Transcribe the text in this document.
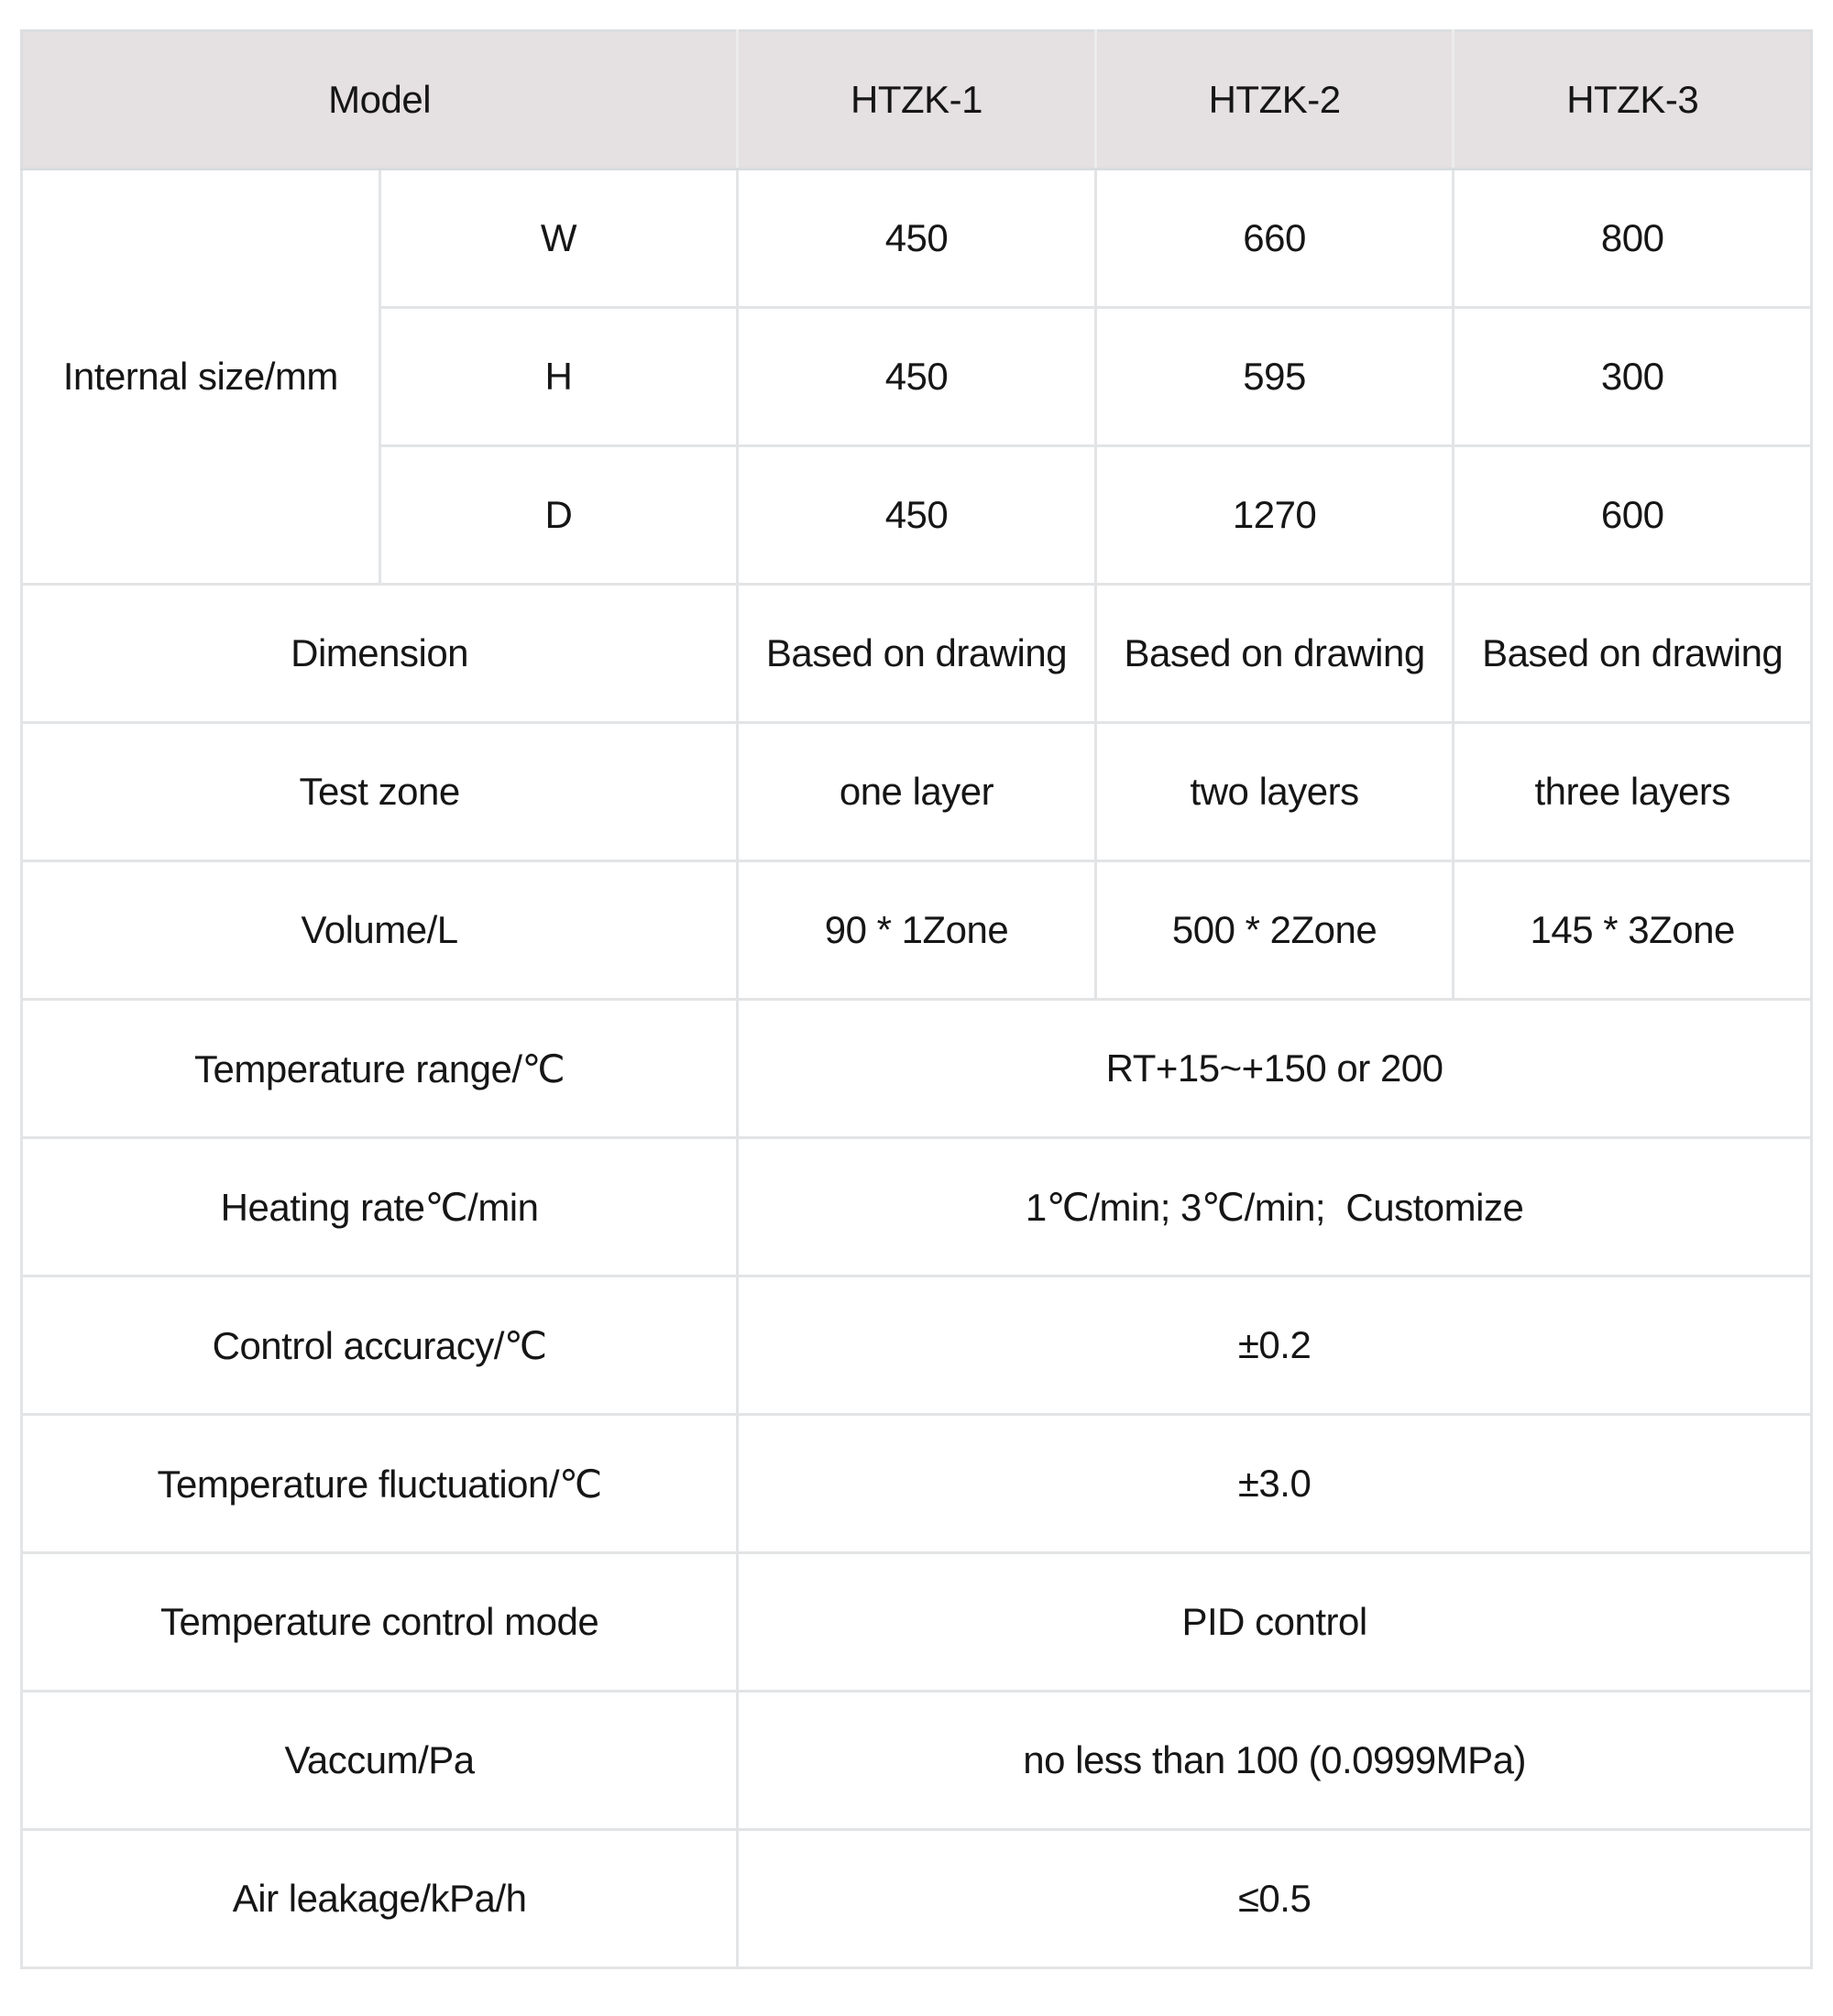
Model		HTZK-1	HTZK-2	HTZK-3
Internal size/mm	W	450	660	800
	H	450	595	300
	D	450	1270	600
Dimension		Based on drawing	Based on drawing	Based on drawing
Test zone		one layer	two layers	three layers
Volume/L		90 * 1Zone	500 * 2Zone	145 * 3Zone
Temperature range/℃		RT+15~+150 or 200		
Heating rate℃/min		1℃/min; 3℃/min;  Customize		
Control accuracy/℃		±0.2		
Temperature fluctuation/℃		±3.0		
Temperature control mode		PID control		
Vaccum/Pa		no less than 100 (0.0999MPa)		
Air leakage/kPa/h		≤0.5		
